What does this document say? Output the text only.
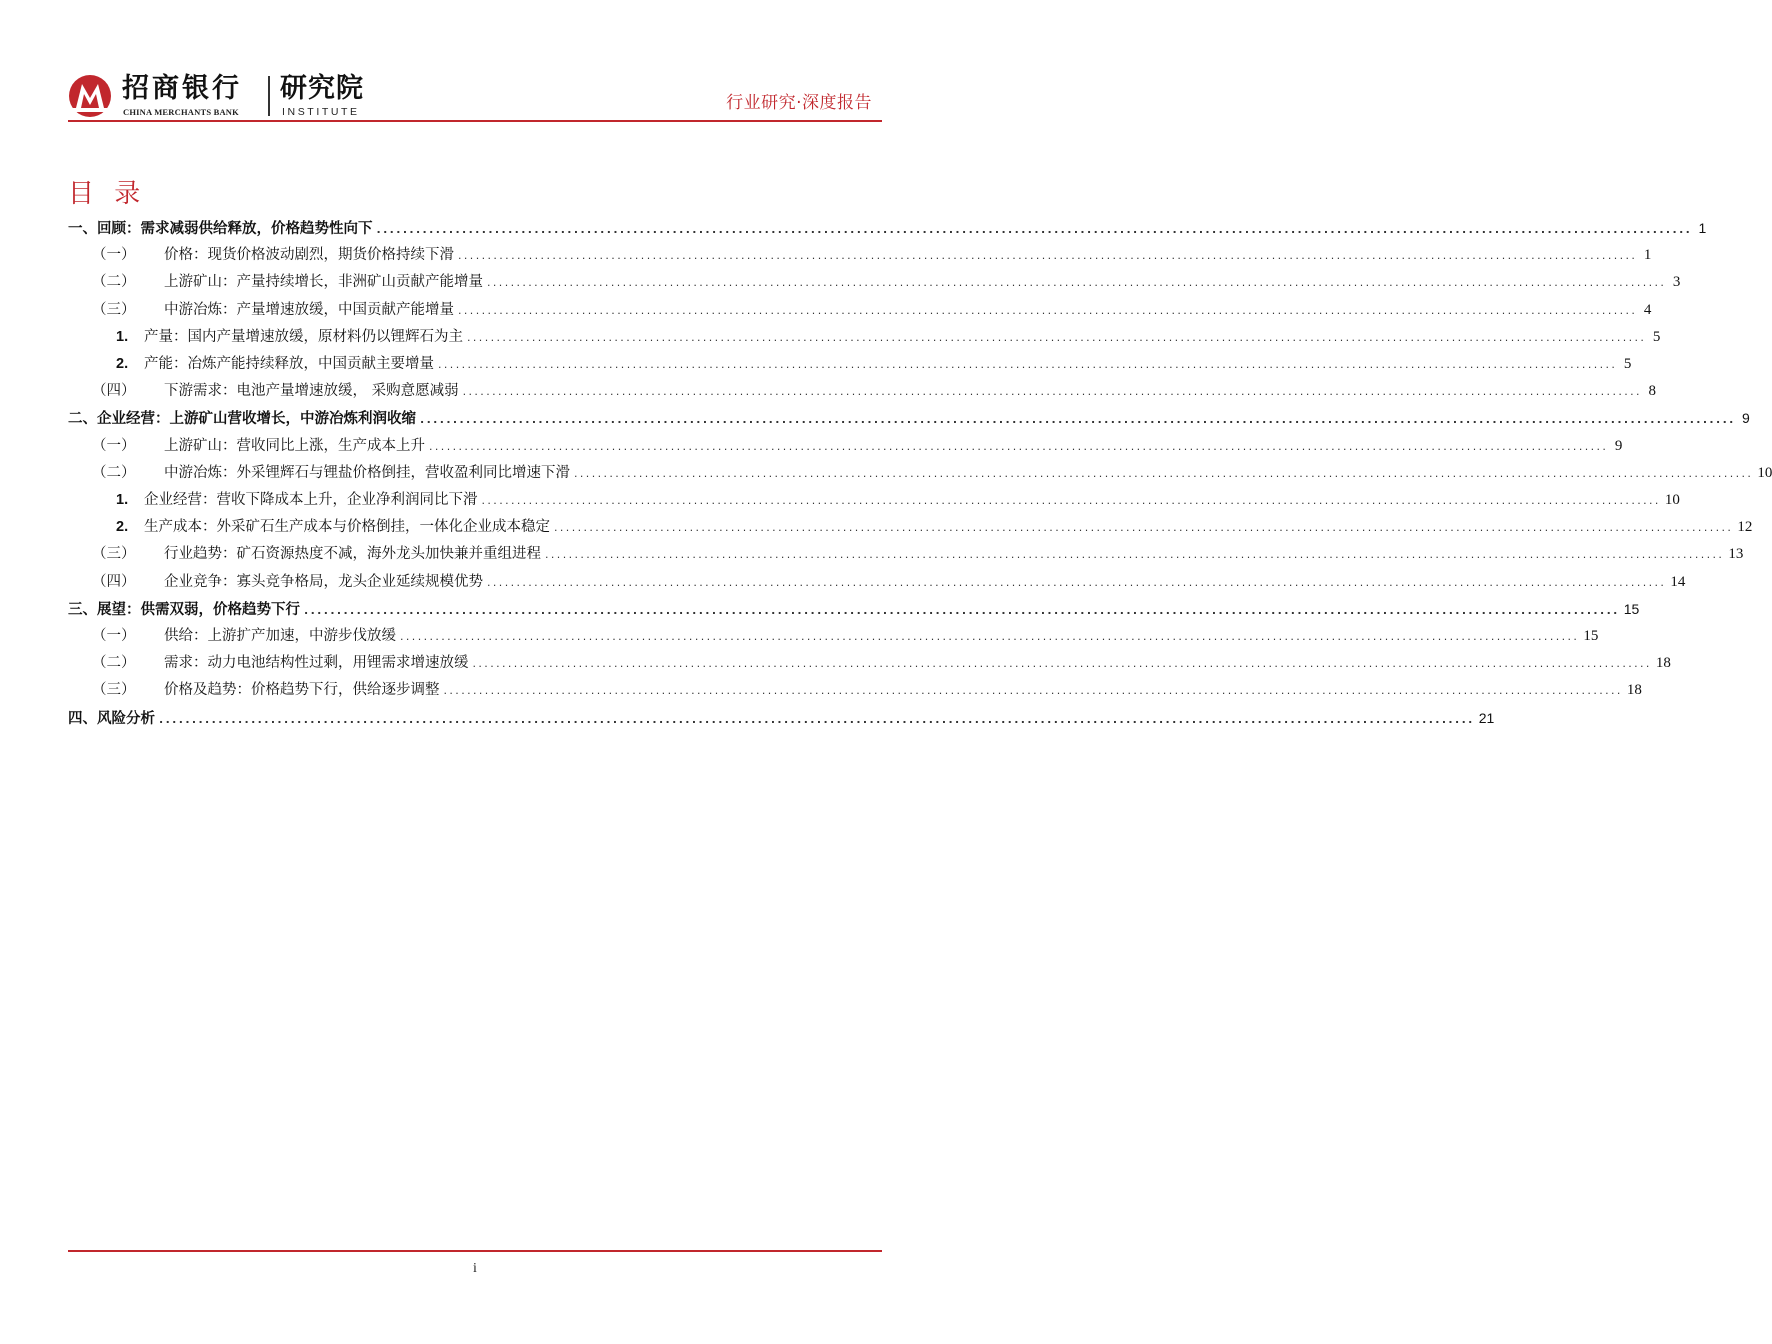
招商银行
CHINA MERCHANTS BANK
研究院
INSTITUTE	行业研究·深度报告
目 录
一、 回顾：需求减弱供给释放，价格趋势性向下 ........................................................................................................................................................................................................ 1
（一）	价格：现货价格波动剧烈，期货价格持续下滑 ........................................................................................................................................................................................................ 1
（二）	上游矿山：产量持续增长，非洲矿山贡献产能增量 ........................................................................................................................................................................................................ 3
（三）	中游冶炼：产量增速放缓，中国贡献产能增量 ........................................................................................................................................................................................................ 4
1.	产量：国内产量增速放缓，原材料仍以锂辉石为主 ........................................................................................................................................................................................................ 5
2.	产能：冶炼产能持续释放，中国贡献主要增量 ........................................................................................................................................................................................................ 5
（四）	下游需求：电池产量增速放缓， 采购意愿减弱 ........................................................................................................................................................................................................ 8
二、 企业经营：上游矿山营收增长，中游冶炼利润收缩 ........................................................................................................................................................................................................ 9
（一）	上游矿山：营收同比上涨，生产成本上升 ........................................................................................................................................................................................................ 9
（二）	中游冶炼：外采锂辉石与锂盐价格倒挂，营收盈利同比增速下滑 ........................................................................................................................................................................................................ 10
1.	企业经营：营收下降成本上升，企业净利润同比下滑 ........................................................................................................................................................................................................ 10
2.	生产成本：外采矿石生产成本与价格倒挂，一体化企业成本稳定 ........................................................................................................................................................................................................ 12
（三）	行业趋势：矿石资源热度不减，海外龙头加快兼并重组进程 ........................................................................................................................................................................................................ 13
（四）	企业竞争：寡头竞争格局，龙头企业延续规模优势 ........................................................................................................................................................................................................ 14
三、 展望：供需双弱，价格趋势下行 ........................................................................................................................................................................................................ 15
（一）	供给：上游扩产加速，中游步伐放缓 ........................................................................................................................................................................................................ 15
（二）	需求：动力电池结构性过剩，用锂需求增速放缓 ........................................................................................................................................................................................................ 18
（三）	价格及趋势：价格趋势下行，供给逐步调整 ........................................................................................................................................................................................................ 18
四、 风险分析 ........................................................................................................................................................................................................ 21
i
